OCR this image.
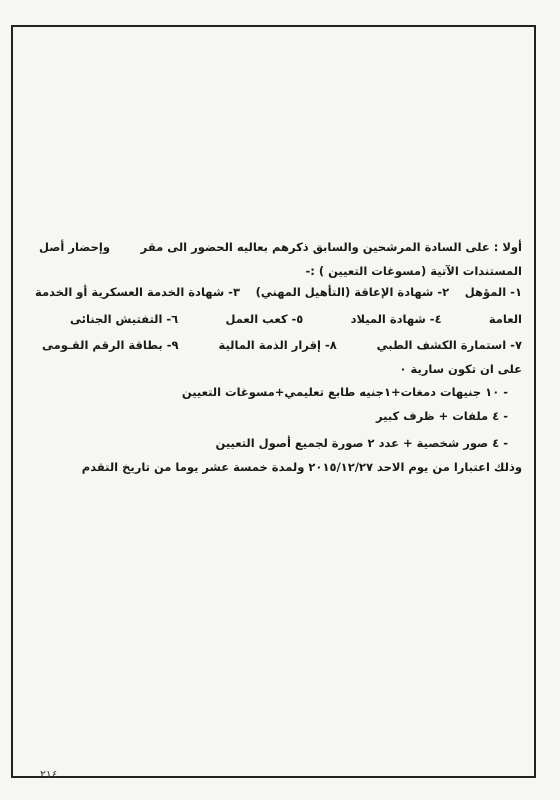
أولا : على السادة المرشحين والسابق ذكرهم بعاليه الحضور الى مقر
وإحضار أصل
المستندات الآتية (مسوغات التعيين ) :-
١- المؤهل
٢- شهادة الإعاقة (التأهيل المهني)
٣- شهادة الخدمة العسكرية أو الخدمة
العامة
٤- شهادة الميلاد
٥- كعب العمل
٦- التفتيش الجنائى
٧- استمارة الكشف الطبي
٨- إقرار الذمة المالية
٩- بطاقة الرقم القـومى
على ان تكون سارية ٠
- ١٠ جنيهات دمغات+١جنيه طابع تعليمي+مسوغات التعيين
- ٤ ملفات + ظرف كبير
- ٤ صور شخصية + عدد ٢ صورة لجميع أصول التعيين
وذلك اعتبارا من يوم الاحد ٢٠١٥/١٢/٢٧ ولمدة خمسة عشر يوما من تاريخ التقدم
٢١٤
